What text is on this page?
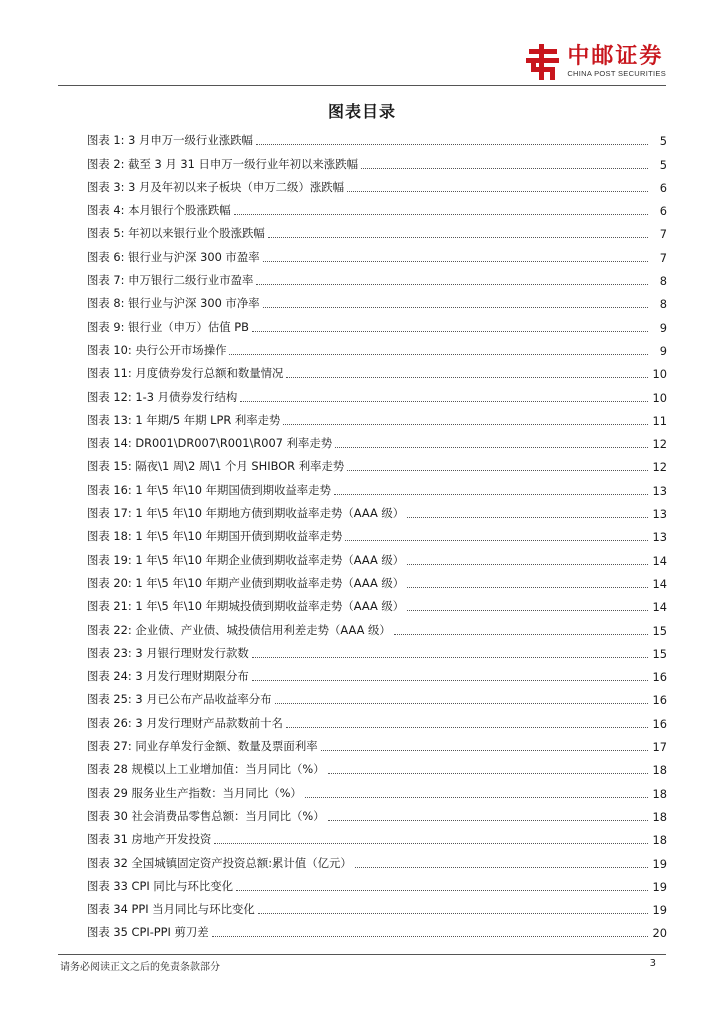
中邮证券
CHINA POST SECURITIES
图表目录
图表 1: 3 月申万一级行业涨跌幅	5
图表 2: 截至 3 月 31 日申万一级行业年初以来涨跌幅	5
图表 3: 3 月及年初以来子板块（申万二级）涨跌幅	6
图表 4: 本月银行个股涨跌幅	6
图表 5: 年初以来银行业个股涨跌幅	7
图表 6: 银行业与沪深 300 市盈率	7
图表 7: 申万银行二级行业市盈率	8
图表 8: 银行业与沪深 300 市净率	8
图表 9: 银行业（申万）估值 PB	9
图表 10: 央行公开市场操作	9
图表 11: 月度债券发行总额和数量情况	10
图表 12: 1-3 月债券发行结构	10
图表 13: 1 年期/5 年期 LPR 利率走势	11
图表 14: DR001\DR007\R001\R007 利率走势	12
图表 15: 隔夜\1 周\2 周\1 个月 SHIBOR 利率走势	12
图表 16: 1 年\5 年\10 年期国债到期收益率走势	13
图表 17: 1 年\5 年\10 年期地方债到期收益率走势（AAA 级）	13
图表 18: 1 年\5 年\10 年期国开债到期收益率走势	13
图表 19: 1 年\5 年\10 年期企业债到期收益率走势（AAA 级）	14
图表 20: 1 年\5 年\10 年期产业债到期收益率走势（AAA 级）	14
图表 21: 1 年\5 年\10 年期城投债到期收益率走势（AAA 级）	14
图表 22: 企业债、产业债、城投债信用利差走势（AAA 级）	15
图表 23: 3 月银行理财发行款数	15
图表 24: 3 月发行理财期限分布	16
图表 25: 3 月已公布产品收益率分布	16
图表 26: 3 月发行理财产品款数前十名	16
图表 27: 同业存单发行金额、数量及票面利率	17
图表 28 规模以上工业增加值：当月同比（%）	18
图表 29 服务业生产指数：当月同比（%）	18
图表 30 社会消费品零售总额：当月同比（%）	18
图表 31 房地产开发投资	18
图表 32 全国城镇固定资产投资总额:累计值（亿元）	19
图表 33 CPI 同比与环比变化	19
图表 34 PPI 当月同比与环比变化	19
图表 35 CPI-PPI 剪刀差	20
请务必阅读正文之后的免责条款部分	3
